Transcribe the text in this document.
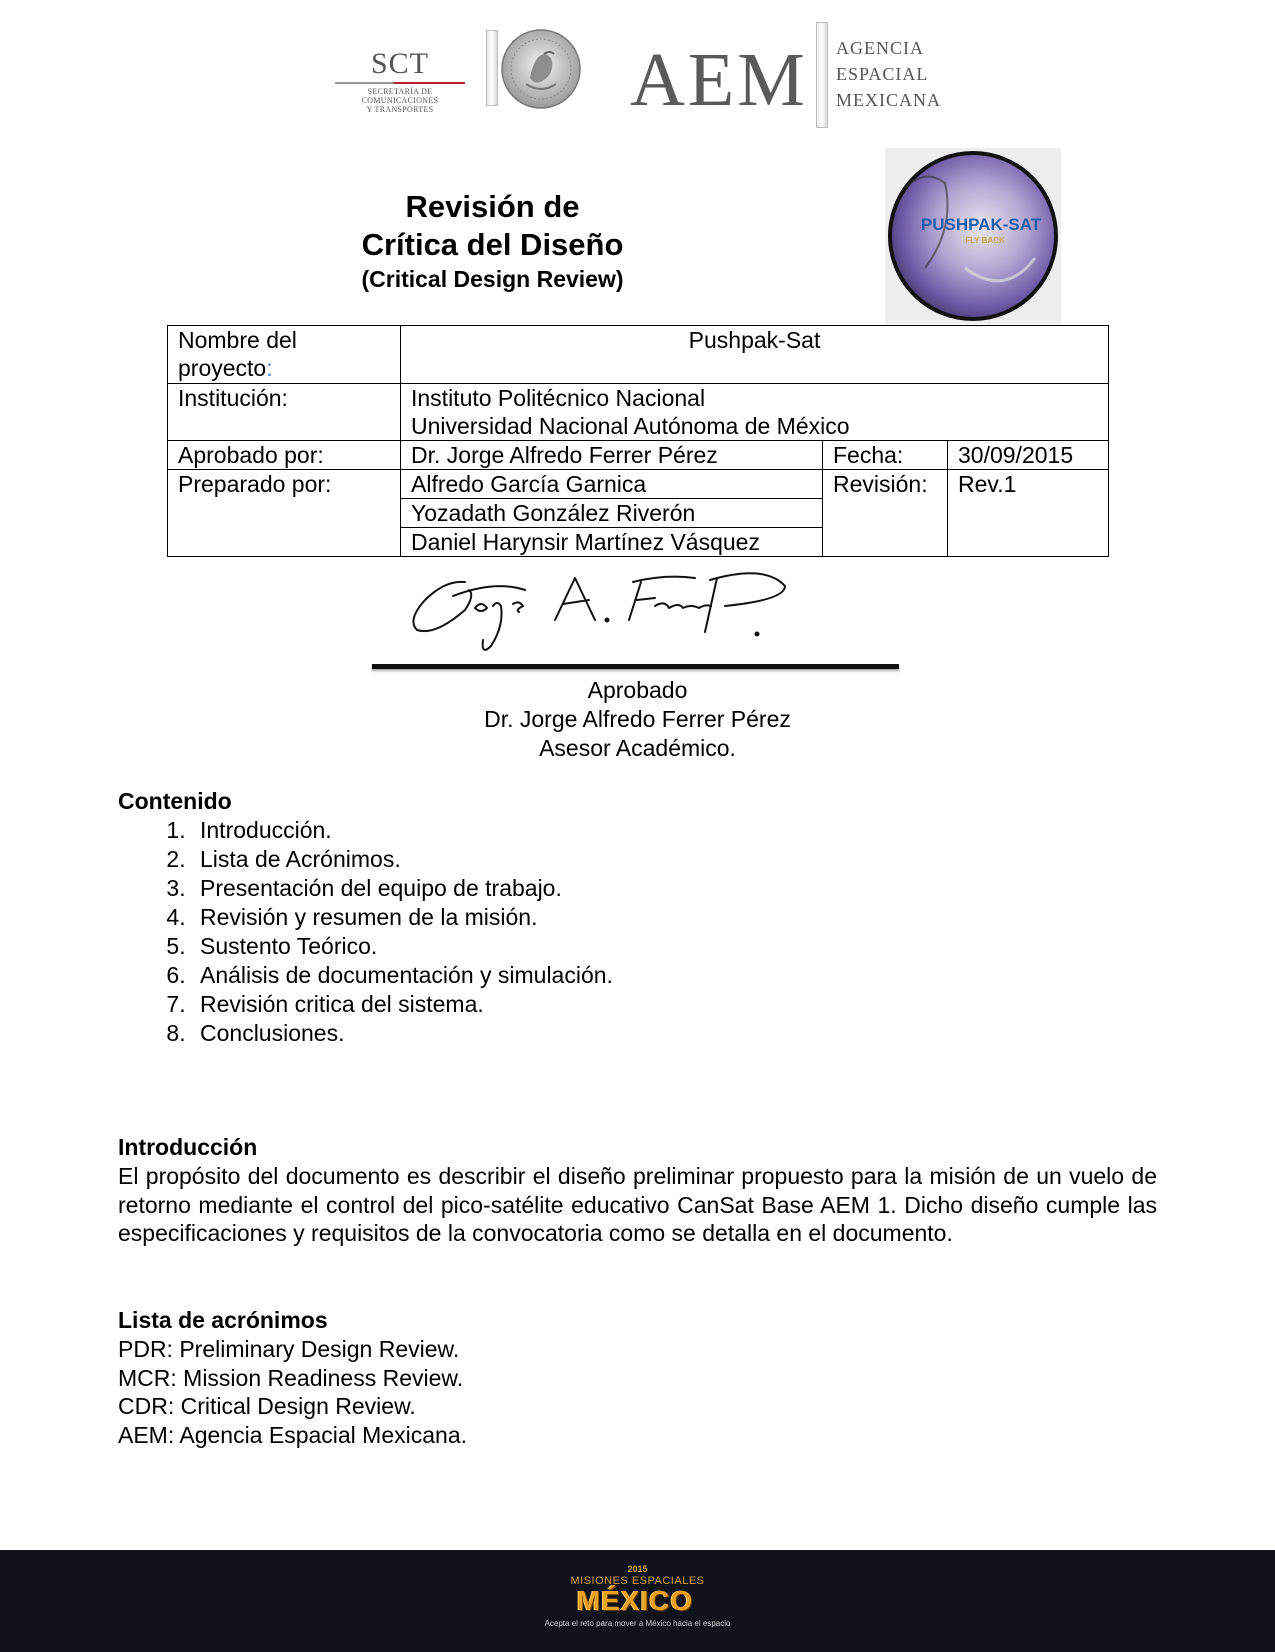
SCT
SECRETARÍA DE
COMUNICACIONES
Y TRANSPORTES	AEM AGENCIA
ESPACIAL
MEXICANA
Revisión de
Crítica del Diseño
(Critical Design Review)
PUSHPAK-SAT
FLY BACK
Nombre del
proyecto:	Pushpak-Sat		
Institución:	Instituto Politécnico Nacional
Universidad Nacional Autónoma de México		
Aprobado por:	Dr. Jorge Alfredo Ferrer Pérez	Fecha:	30/09/2015
Preparado por:	Alfredo García Garnica	Revisión:	Rev.1
	Yozadath González Riverón		
	Daniel Harynsir Martínez Vásquez		
Aprobado
Dr. Jorge Alfredo Ferrer Pérez
Asesor Académico.
Contenido
1. Introducción.
2. Lista de Acrónimos.
3. Presentación del equipo de trabajo.
4. Revisión y resumen de la misión.
5. Sustento Teórico.
6. Análisis de documentación y simulación.
7. Revisión critica del sistema.
8. Conclusiones.
Introducción

El propósito del documento es describir el diseño preliminar propuesto para la misión de un vuelo de retorno mediante el control del pico-satélite educativo CanSat Base AEM 1. Dicho diseño cumple las especificaciones y requisitos de la convocatoria como se detalla en el documento.

Lista de acrónimos
PDR: Preliminary Design Review.
MCR: Mission Readiness Review.
CDR: Critical Design Review.
AEM: Agencia Espacial Mexicana.
2015
MISIONES ESPACIALES
MÉXICO
Acepta el reto para mover a México hacia el espacio
